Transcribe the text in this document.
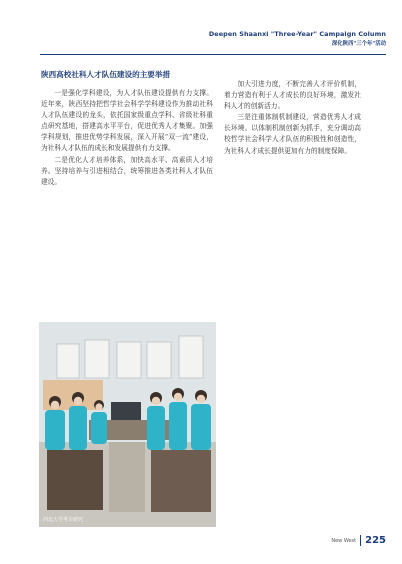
Deepen Shaanxi "Three-Year" Campaign Column
深化陕西"三个年"活动
陕西高校社科人才队伍建设的主要举措

一是强化学科建设，为人才队伍建设提供有力支撑。近年来，陕西坚持把哲学社会科学学科建设作为推动社科人才队伍建设的龙头，依托国家级重点学科、省级社科重点研究基地，搭建高水平平台，促进优秀人才集聚。加强学科规划，推进优势学科发展，深入开展“双一流”建设，为社科人才队伍的成长和发展提供有力支撑。

二是优化人才培养体系，加快高水平、高素质人才培养。坚持培养与引进相结合，统筹推进各类社科人才队伍建设。

加大引进力度，不断完善人才评价机制，着力营造有利于人才成长的良好环境，激发社科人才的创新活力。

三是注重体制机制建设，营造优秀人才成长环境。以体制机制创新为抓手，充分调动高校哲学社会科学人才队伍的积极性和创造性，为社科人才成长提供更加有力的制度保障。

西北大学考古研究
New West 225
